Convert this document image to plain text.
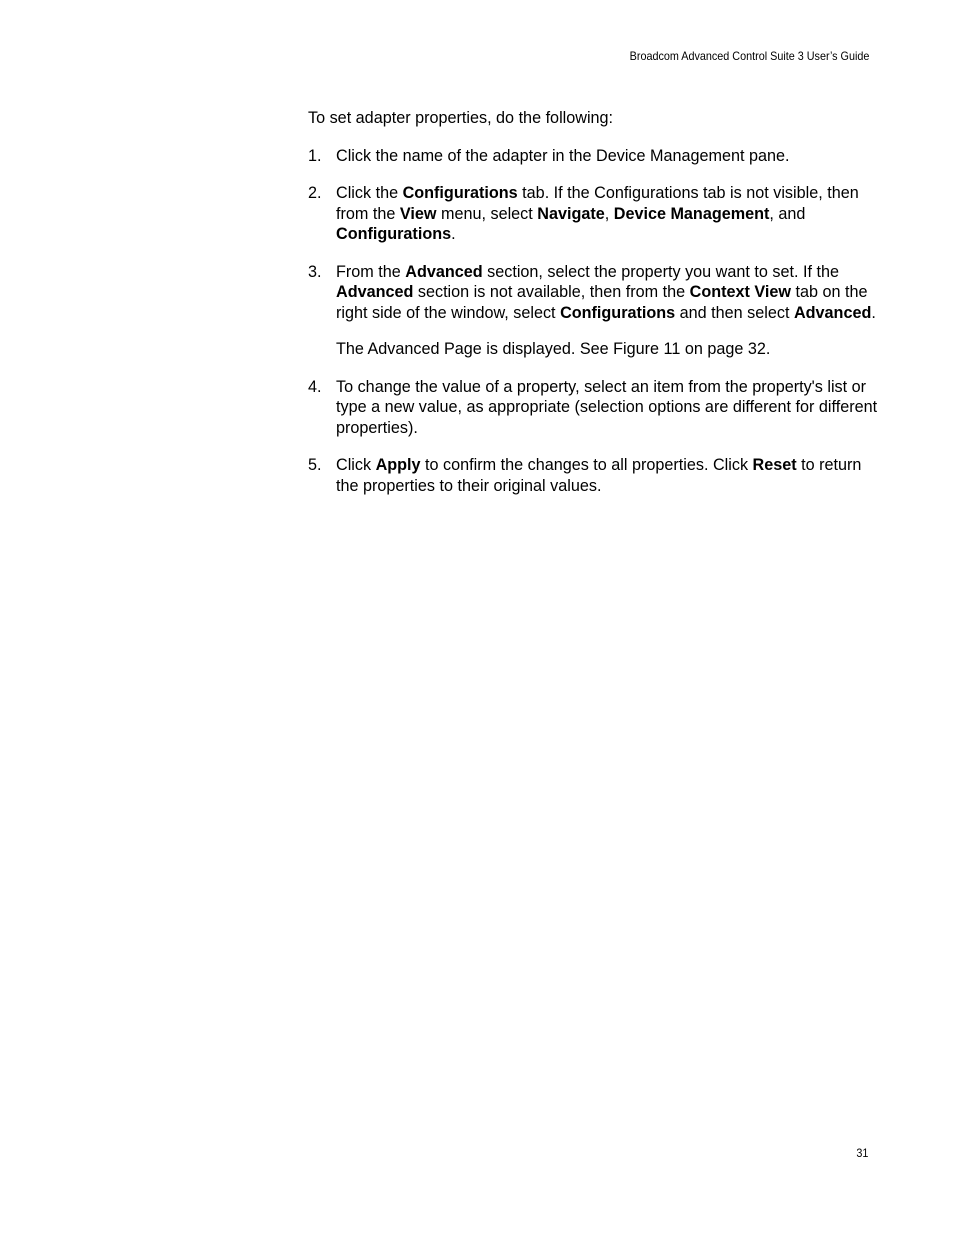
Broadcom Advanced Control Suite 3 User’s Guide

To set adapter properties, do the following:

1. Click the name of the adapter in the Device Management pane.
2. Click the Configurations tab. If the Configurations tab is not visible, then from the View menu, select Navigate, Device Management, and Configurations.
3. From the Advanced section, select the property you want to set. If the Advanced section is not available, then from the Context View tab on the right side of the window, select Configurations and then select Advanced.
The Advanced Page is displayed. See Figure 11 on page 32.
4. To change the value of a property, select an item from the property's list or type a new value, as appropriate (selection options are different for different properties).
5. Click Apply to confirm the changes to all properties. Click Reset to return the properties to their original values.
31
